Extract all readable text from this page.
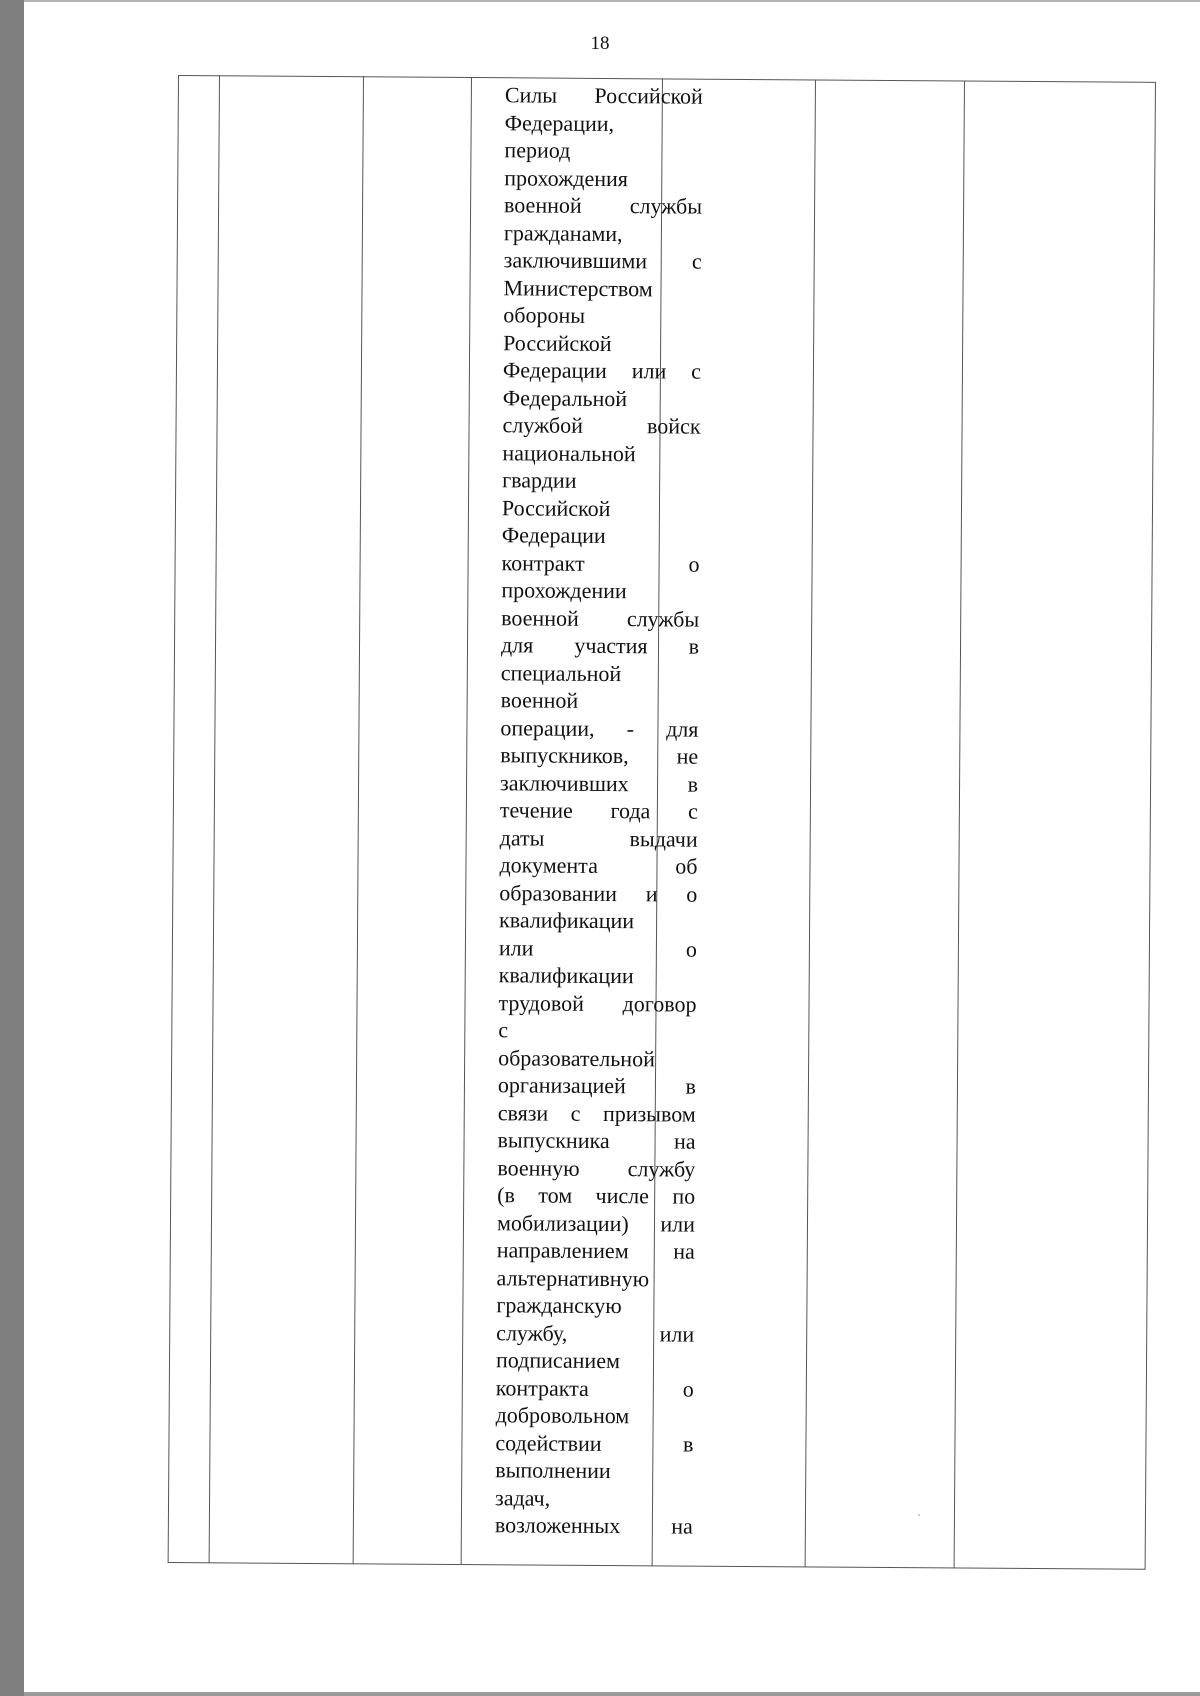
18
Силы Российской
Федерации,
период
прохождения
военной службы
гражданами,
заключившими с
Министерством
обороны
Российской
Федерации или с
Федеральной
службой войск
национальной
гвардии
Российской
Федерации
контракт о
прохождении
военной службы
для участия в
специальной
военной
операции, - для
выпускников, не
заключивших в
течение года с
даты выдачи
документа об
образовании и о
квалификации
или о
квалификации
трудовой договор
с
образовательной
организацией в
связи с призывом
выпускника на
военную службу
(в том числе по
мобилизации) или
направлением на
альтернативную
гражданскую
службу, или
подписанием
контракта о
добровольном
содействии в
выполнении
задач,
возложенных на
